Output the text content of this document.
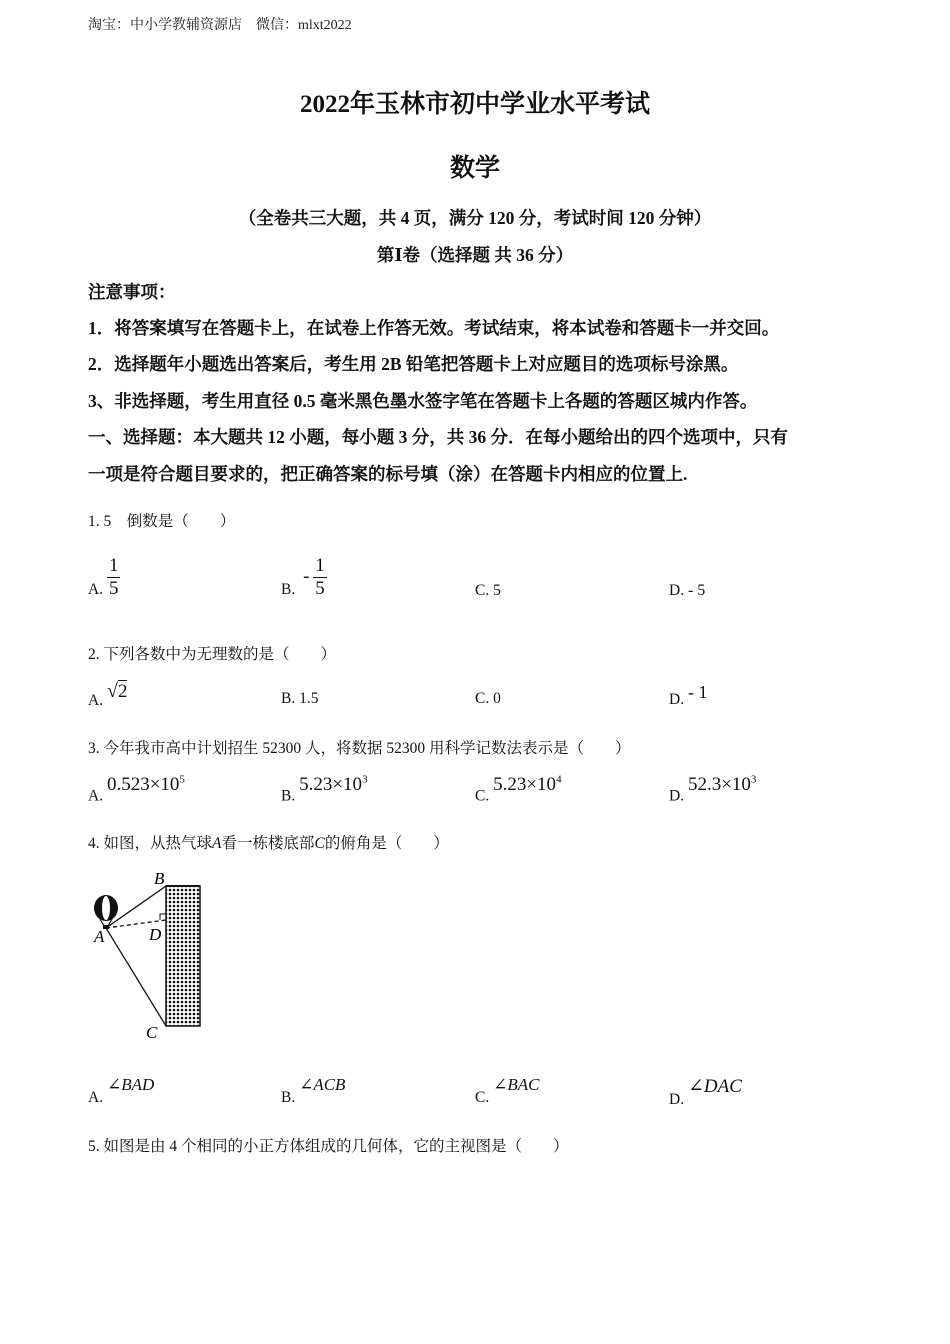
淘宝：中小学教辅资源店　微信：mlxt2022
2022年玉林市初中学业水平考试
数学
（全卷共三大题，共 4 页，满分 120 分，考试时间 120 分钟）
第Ⅰ卷（选择题 共 36 分）
注意事项：
1．将答案填写在答题卡上，在试卷上作答无效。考试结束，将本试卷和答题卡一并交回。
2．选择题年小题选出答案后，考生用 2B 铅笔把答题卡上对应题目的选项标号涂黑。
3、非选择题，考生用直径 0.5 毫米黑色墨水签字笔在答题卡上各题的答题区城内作答。
一、选择题：本大题共 12 小题，每小题 3 分，共 36 分．在每小题给出的四个选项中，只有
一项是符合题目要求的，把正确答案的标号填（涂）在答题卡内相应的位置上.
1. 5　倒数是（　　）
A. $\frac{1}{5}$	B. - $\frac{1}{5}$	C. 5	D. - 5
2. 下列各数中为无理数的是（　　）
A. √2	B. 1.5	C. 0	D. - 1
3. 今年我市高中计划招生 52300 人，将数据 52300 用科学记数法表示是（　　）
A. $0.523\times 10^5$
B. $5.23\times 10^3$
C. $5.23\times 10^4$
D. $52.3\times 10^3$
4. 如图，从热气球A看一栋楼底部C的俯角是（　　）
B
A	D
C
A. ∠BAD
B. ∠ACB
C. ∠BAC
D. ∠DAC
5. 如图是由 4 个相同的小正方体组成的几何体，它的主视图是（　　）
